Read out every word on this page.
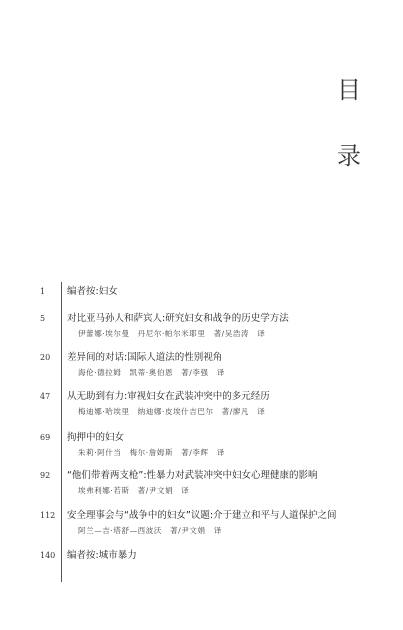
目
录
1	编者按:妇女
5	对比亚马孙人和萨宾人:研究妇女和战争的历史学方法
伊蕾娜·埃尔曼　丹尼尔·帕尔米耶里　著/吴浩涛　译
20	差异间的对话:国际人道法的性别视角
海伦·德拉姆　凯蒂·奥伯恩　著/李强　译
47	从无助到有力:审视妇女在武装冲突中的多元经历
梅迪娜·哈埃里　纳迪娜·皮埃什吉巴尔　著/廖凡　译
69	拘押中的妇女
朱莉·阿什当　梅尔·詹姆斯　著/李辉　译
92	“他们带着两支枪”:性暴力对武装冲突中妇女心理健康的影响
埃弗利娜·若斯　著/尹文娟　译
112	安全理事会与“战争中的妇女”议题:介于建立和平与人道保护之间
阿兰—吉·塔舒—西波沃　著/尹文娟　译
140	编者按:城市暴力
